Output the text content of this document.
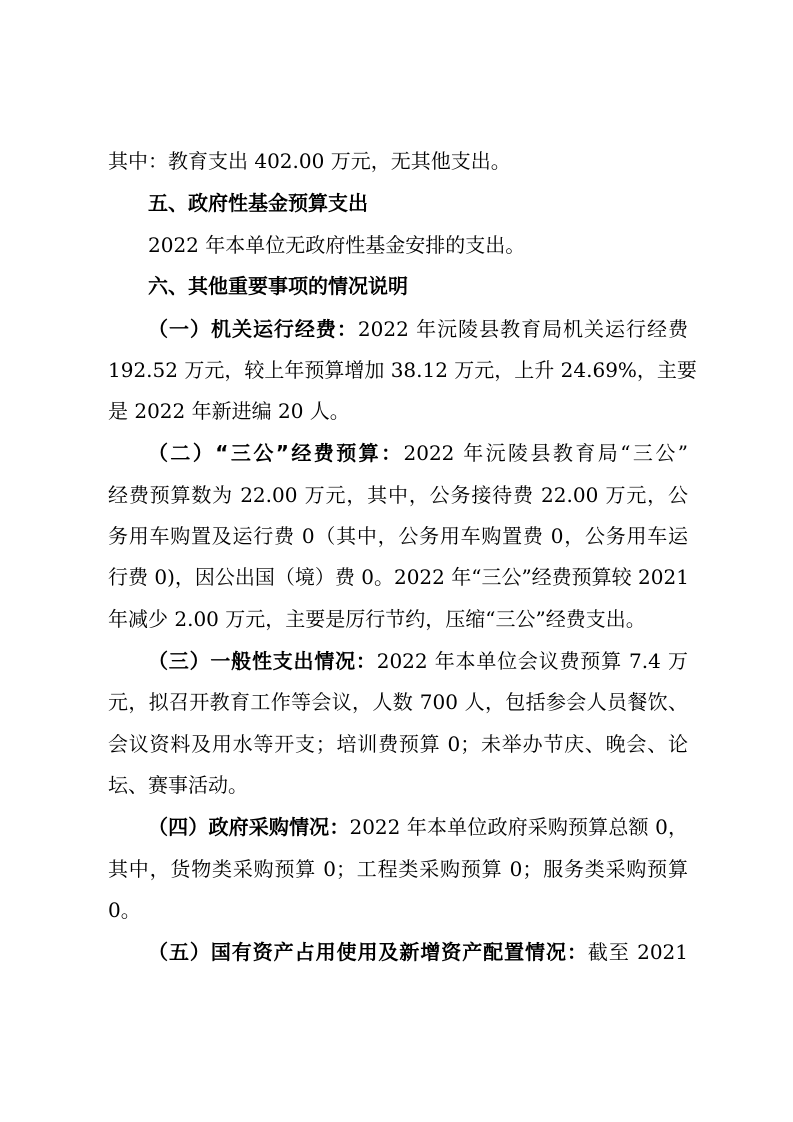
其中：教育支出 402.00 万元，无其他支出。
五、政府性基金预算支出
2022 年本单位无政府性基金安排的支出。
六、其他重要事项的情况说明
（一）机关运行经费：2022 年沅陵县教育局机关运行经费
192.52 万元，较上年预算增加 38.12 万元，上升 24.69%，主要
是 2022 年新进编 20 人。
（二）“三公”经费预算：2022 年沅陵县教育局“三公”
经费预算数为 22.00 万元，其中，公务接待费 22.00 万元，公
务用车购置及运行费 0（其中，公务用车购置费 0，公务用车运
行费 0)，因公出国（境）费 0。2022 年“三公”经费预算较 2021
年减少 2.00 万元，主要是厉行节约，压缩“三公”经费支出。
（三）一般性支出情况：2022 年本单位会议费预算 7.4 万
元，拟召开教育工作等会议，人数 700 人，包括参会人员餐饮、
会议资料及用水等开支；培训费预算 0；未举办节庆、晚会、论
坛、赛事活动。
（四）政府采购情况：2022 年本单位政府采购预算总额 0，
其中，货物类采购预算 0；工程类采购预算 0；服务类采购预算
0。
（五）国有资产占用使用及新增资产配置情况：截至 2021
